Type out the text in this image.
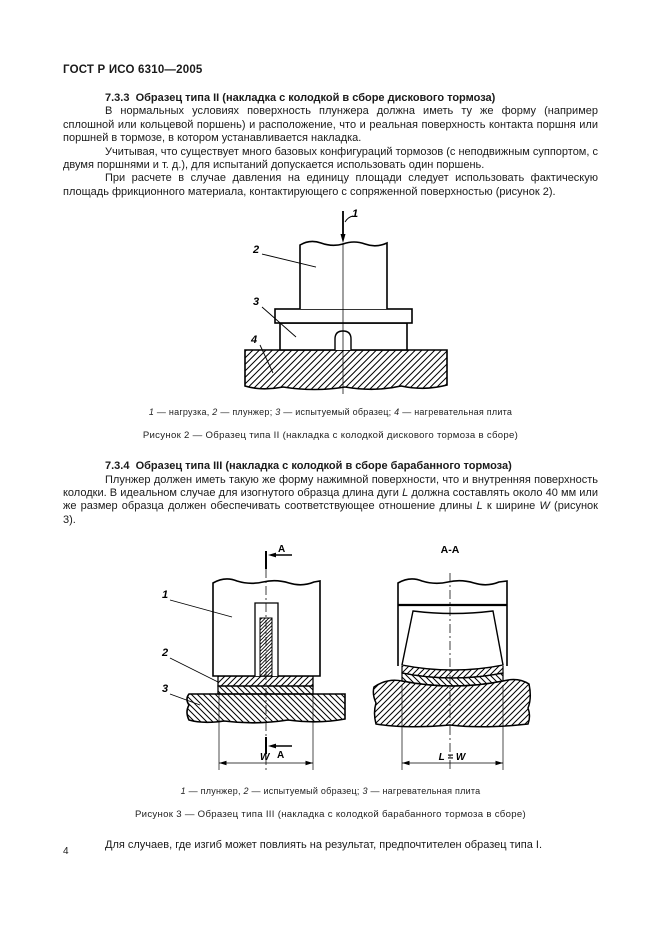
ГОСТ Р ИСО 6310—2005
7.3.3  Образец типа II (накладка с колодкой в сборе дискового тормоза)

В нормальных условиях поверхность плунжера должна иметь ту же форму (например сплошной или кольцевой поршень) и расположение, что и реальная поверхность контакта поршня или поршней в тормозе, в котором устанавливается накладка.

Учитывая, что существует много базовых конфигураций тормозов (с неподвижным суппортом, с двумя поршнями и т. д.), для испытаний допускается использовать один поршень.

При расчете в случае давления на единицу площади следует использовать фактическую площадь фрикционного материала, контактирующего с сопряженной поверхностью (рисунок 2).

1
2
3
4
1 — нагрузка, 2 — плунжер; 3 — испытуемый образец; 4 — нагревательная плита
Рисунок 2 — Образец типа II (накладка с колодкой дискового тормоза в сборе)
7.3.4  Образец типа III (накладка с колодкой в сборе барабанного тормоза)

Плунжер должен иметь такую же форму нажимной поверхности, что и внутренняя поверхность колодки. В идеальном случае для изогнутого образца длина дуги L должна составлять около 40 мм или же размер образца должен обеспечивать соответствующее отношение длины L к ширине W (рисунок 3).

1
2
3
А
А
W
А-А
L = W
1 — плунжер, 2 — испытуемый образец; 3 — нагревательная плита
Рисунок 3 — Образец типа III (накладка с колодкой барабанного тормоза в сборе)

Для случаев, где изгиб может повлиять на результат, предпочтителен образец типа I.

4
